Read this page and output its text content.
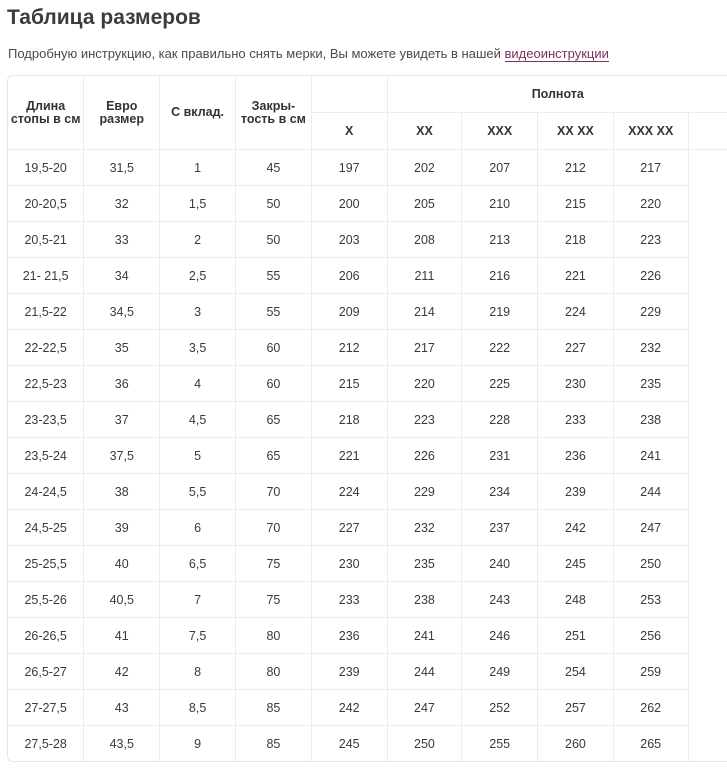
Таблица размеров

Подробную инструкцию, как правильно снять мерки, Вы можете увидеть в нашей видеоинструкции

Длина стопы в см	Евро размер	С вклад.	Закры- тость в см		Полнота				
				X	XX	XXX	XX XX	XXX XX	
19,5-20	31,5	1	45	197	202	207	212	217	
20-20,5	32	1,5	50	200	205	210	215	220	
20,5-21	33	2	50	203	208	213	218	223	
21- 21,5	34	2,5	55	206	211	216	221	226	
21,5-22	34,5	3	55	209	214	219	224	229	
22-22,5	35	3,5	60	212	217	222	227	232	
22,5-23	36	4	60	215	220	225	230	235	
23-23,5	37	4,5	65	218	223	228	233	238	
23,5-24	37,5	5	65	221	226	231	236	241	
24-24,5	38	5,5	70	224	229	234	239	244	
24,5-25	39	6	70	227	232	237	242	247	
25-25,5	40	6,5	75	230	235	240	245	250	
25,5-26	40,5	7	75	233	238	243	248	253	
26-26,5	41	7,5	80	236	241	246	251	256	
26,5-27	42	8	80	239	244	249	254	259	
27-27,5	43	8,5	85	242	247	252	257	262	
27,5-28	43,5	9	85	245	250	255	260	265	
